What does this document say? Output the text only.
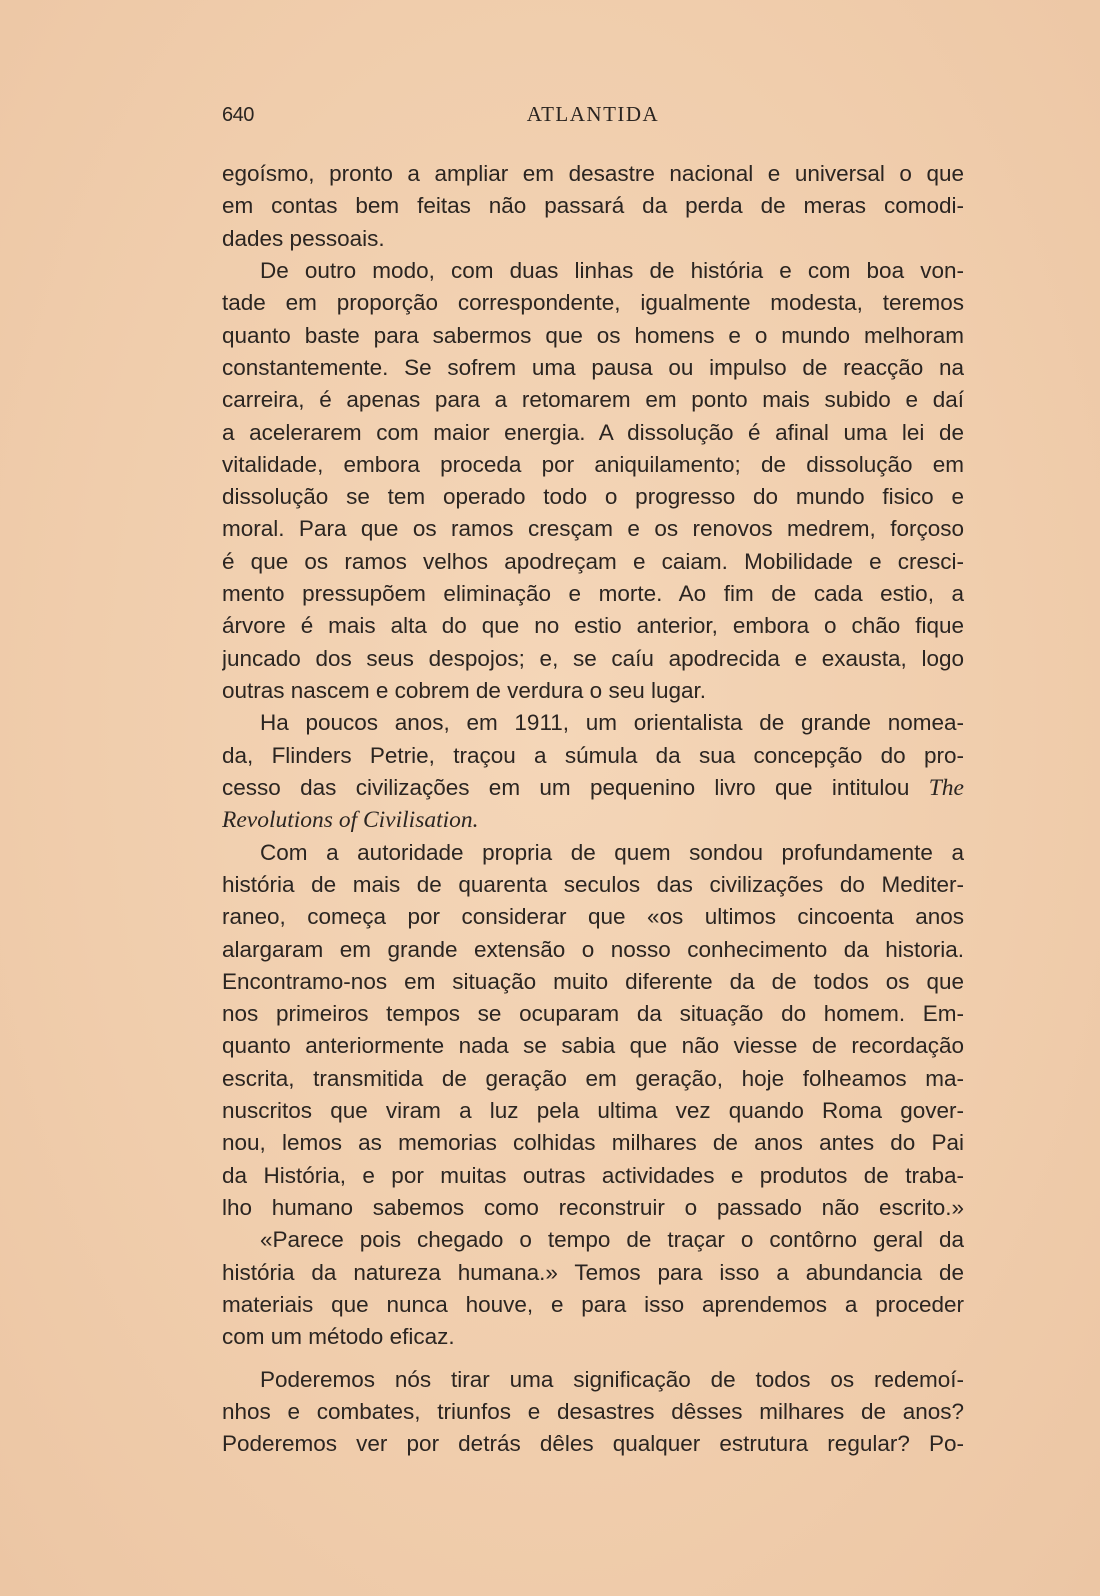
640	ATLANTIDA
egoísmo, pronto a ampliar em desastre nacional e universal o que
em contas bem feitas não passará da perda de meras comodi-
dades pessoais.
De outro modo, com duas linhas de história e com boa von-
tade em proporção correspondente, igualmente modesta, teremos
quanto baste para sabermos que os homens e o mundo melhoram
constantemente. Se sofrem uma pausa ou impulso de reacção na
carreira, é apenas para a retomarem em ponto mais subido e daí
a acelerarem com maior energia. A dissolução é afinal uma lei de
vitalidade, embora proceda por aniquilamento; de dissolução em
dissolução se tem operado todo o progresso do mundo fisico e
moral. Para que os ramos cresçam e os renovos medrem, forçoso
é que os ramos velhos apodreçam e caiam. Mobilidade e cresci-
mento pressupõem eliminação e morte. Ao fim de cada estio, a
árvore é mais alta do que no estio anterior, embora o chão fique
juncado dos seus despojos; e, se caíu apodrecida e exausta, logo
outras nascem e cobrem de verdura o seu lugar.
Ha poucos anos, em 1911, um orientalista de grande nomea-
da, Flinders Petrie, traçou a súmula da sua concepção do pro-
cesso das civilizações em um pequenino livro que intitulou The
Revolutions of Civilisation.
Com a autoridade propria de quem sondou profundamente a
história de mais de quarenta seculos das civilizações do Mediter-
raneo, começa por considerar que «os ultimos cincoenta anos
alargaram em grande extensão o nosso conhecimento da historia.
Encontramo-nos em situação muito diferente da de todos os que
nos primeiros tempos se ocuparam da situação do homem. Em-
quanto anteriormente nada se sabia que não viesse de recordação
escrita, transmitida de geração em geração, hoje folheamos ma-
nuscritos que viram a luz pela ultima vez quando Roma gover-
nou, lemos as memorias colhidas milhares de anos antes do Pai
da História, e por muitas outras actividades e produtos de traba-
lho humano sabemos como reconstruir o passado não escrito.»
«Parece pois chegado o tempo de traçar o contôrno geral da
história da natureza humana.» Temos para isso a abundancia de
materiais que nunca houve, e para isso aprendemos a proceder
com um método eficaz.
Poderemos nós tirar uma significação de todos os redemoí-
nhos e combates, triunfos e desastres dêsses milhares de anos?
Poderemos ver por detrás dêles qualquer estrutura regular? Po-
